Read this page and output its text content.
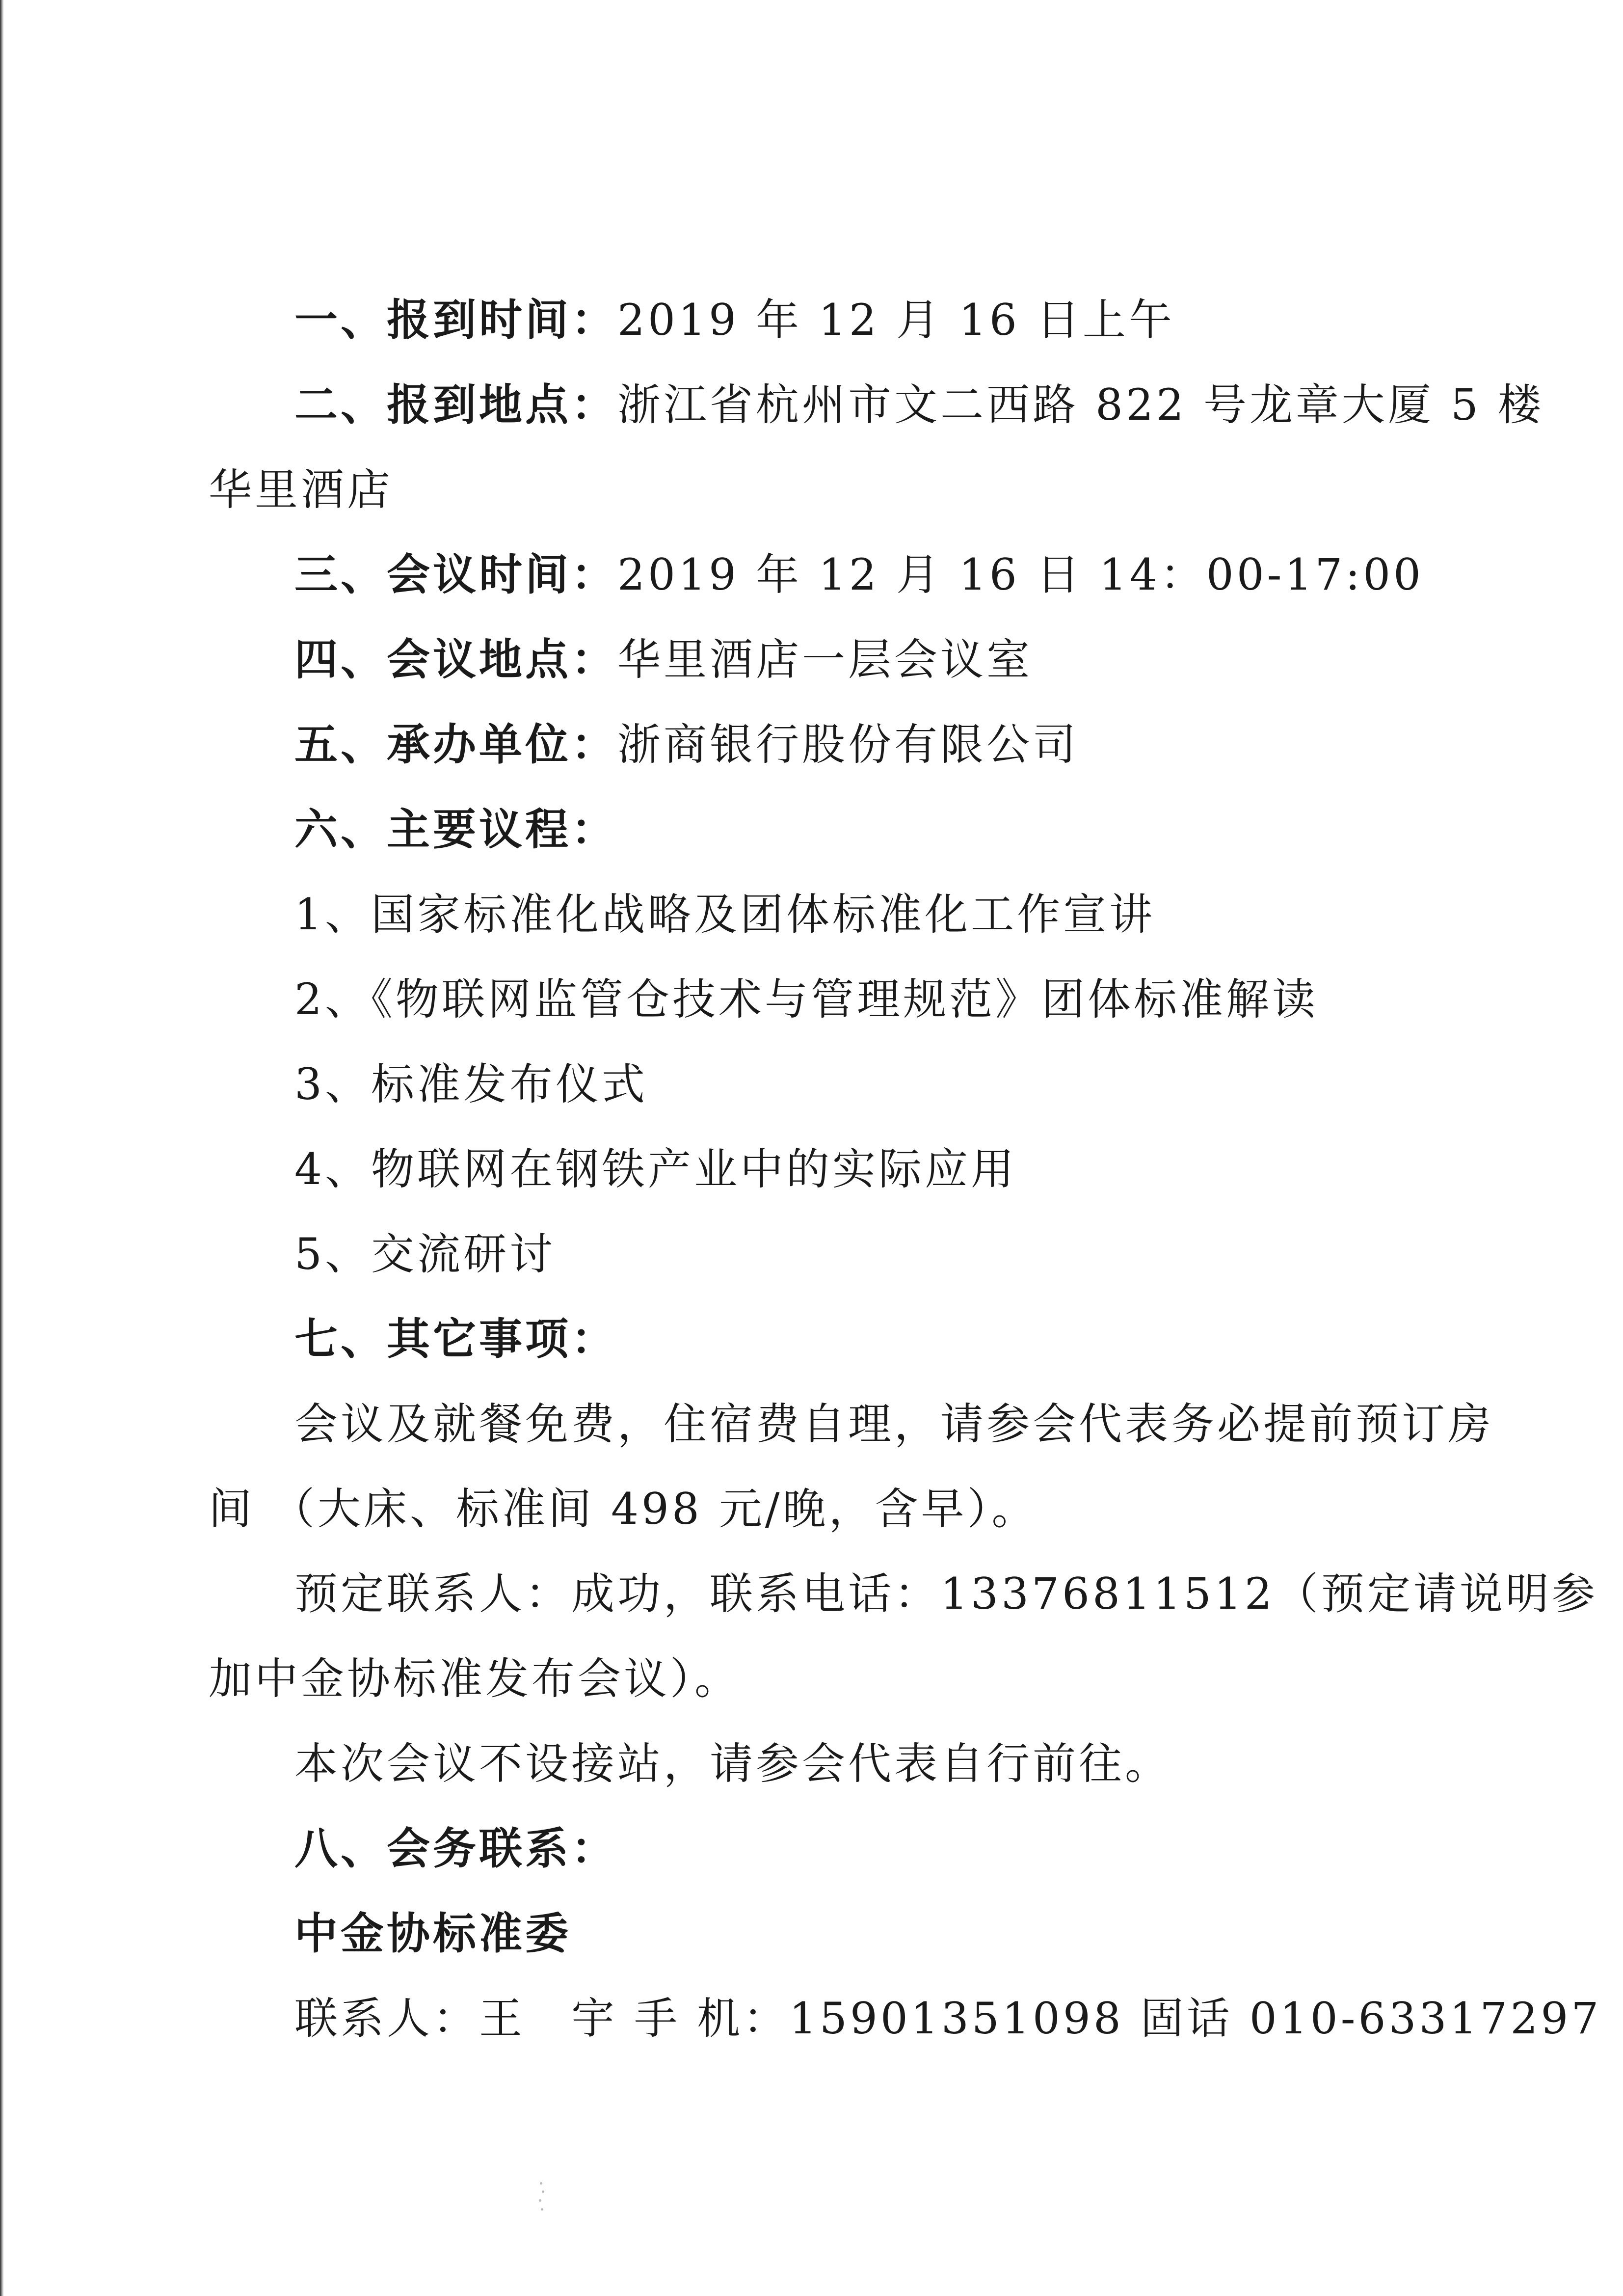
一、报到时间：2019 年 12 月 16 日上午
二、报到地点：浙江省杭州市文二西路 822 号龙章大厦 5 楼
华里酒店
三、会议时间：2019 年 12 月 16 日 14：00-17:00
四、会议地点：华里酒店一层会议室
五、承办单位：浙商银行股份有限公司
六、主要议程：
1、国家标准化战略及团体标准化工作宣讲
2、《物联网监管仓技术与管理规范》团体标准解读
3、标准发布仪式
4、物联网在钢铁产业中的实际应用
5、交流研讨
七、其它事项：
会议及就餐免费，住宿费自理，请参会代表务必提前预订房
间 （大床、标准间 498 元/晚，含早）。
预定联系人：成功，联系电话：13376811512（预定请说明参
加中金协标准发布会议）。
本次会议不设接站，请参会代表自行前往。
八、会务联系：
中金协标准委
联系人：王　宇 手 机：15901351098 固话 010-63317297
